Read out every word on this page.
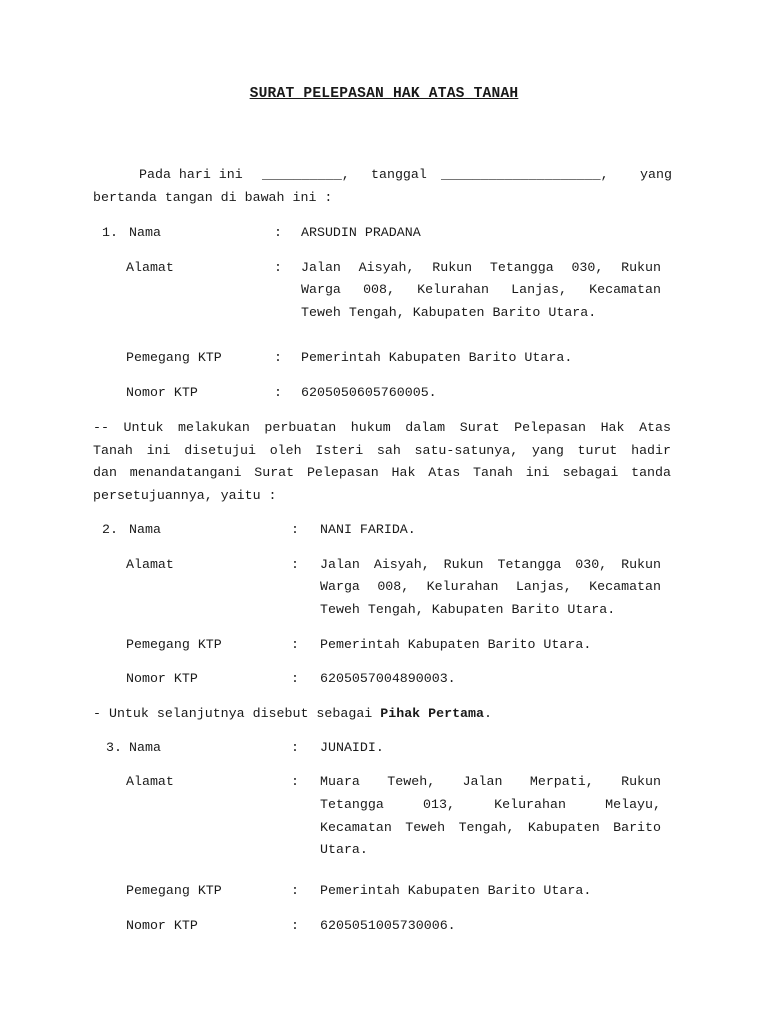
SURAT PELEPASAN HAK ATAS TANAH
Pada hari ini __________, tanggal ____________________, yang
bertanda tangan di bawah ini :
1. Nama	: ARSUDIN PRADANA
Alamat	: Jalan Aisyah, Rukun Tetangga 030, Rukun
Warga 008, Kelurahan Lanjas, Kecamatan
Teweh Tengah, Kabupaten Barito Utara.
Pemegang KTP	: Pemerintah Kabupaten Barito Utara.
Nomor KTP	: 6205050605760005.
-- Untuk melakukan perbuatan hukum dalam Surat Pelepasan Hak Atas
Tanah ini disetujui oleh Isteri sah satu-satunya, yang turut hadir
dan menandatangani Surat Pelepasan Hak Atas Tanah ini sebagai tanda
persetujuannya, yaitu :
2. Nama	: NANI FARIDA.
Alamat	: Jalan Aisyah, Rukun Tetangga 030, Rukun
Warga 008, Kelurahan Lanjas, Kecamatan
Teweh Tengah, Kabupaten Barito Utara.
Pemegang KTP	: Pemerintah Kabupaten Barito Utara.
Nomor KTP	: 6205057004890003.
- Untuk selanjutnya disebut sebagai Pihak Pertama.
3. Nama	: JUNAIDI.
Alamat	: Muara Teweh, Jalan Merpati, Rukun
Tetangga 013, Kelurahan Melayu,
Kecamatan Teweh Tengah, Kabupaten Barito
Utara.
Pemegang KTP	: Pemerintah Kabupaten Barito Utara.
Nomor KTP	: 6205051005730006.
